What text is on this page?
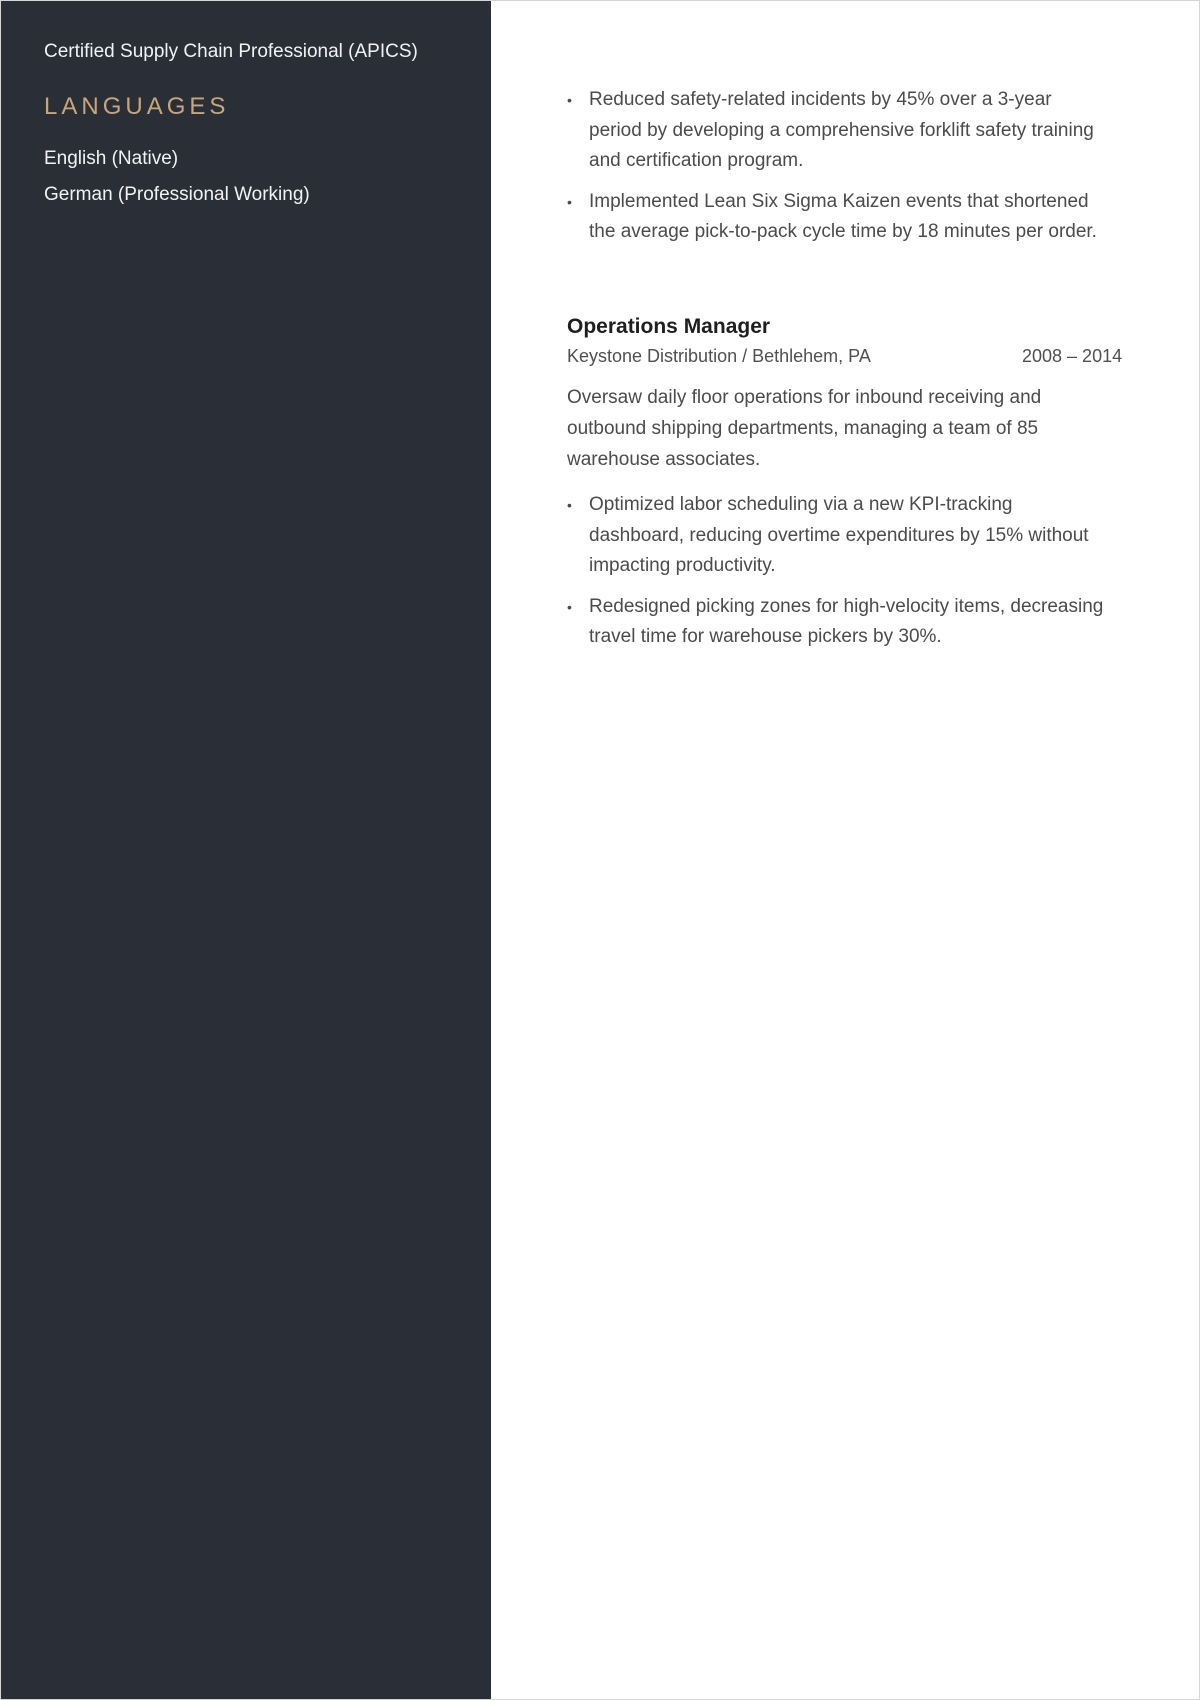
Certified Supply Chain Professional (APICS)
LANGUAGES
English (Native)
German (Professional Working)
• Reduced safety-related incidents by 45% over a 3-year period by developing a comprehensive forklift safety training and certification program.
• Implemented Lean Six Sigma Kaizen events that shortened the average pick-to-pack cycle time by 18 minutes per order.
Operations Manager
Keystone Distribution / Bethlehem, PA	2008 – 2014

Oversaw daily floor operations for inbound receiving and outbound shipping departments, managing a team of 85 warehouse associates.

• Optimized labor scheduling via a new KPI-tracking dashboard, reducing overtime expenditures by 15% without impacting productivity.
• Redesigned picking zones for high-velocity items, decreasing travel time for warehouse pickers by 30%.
